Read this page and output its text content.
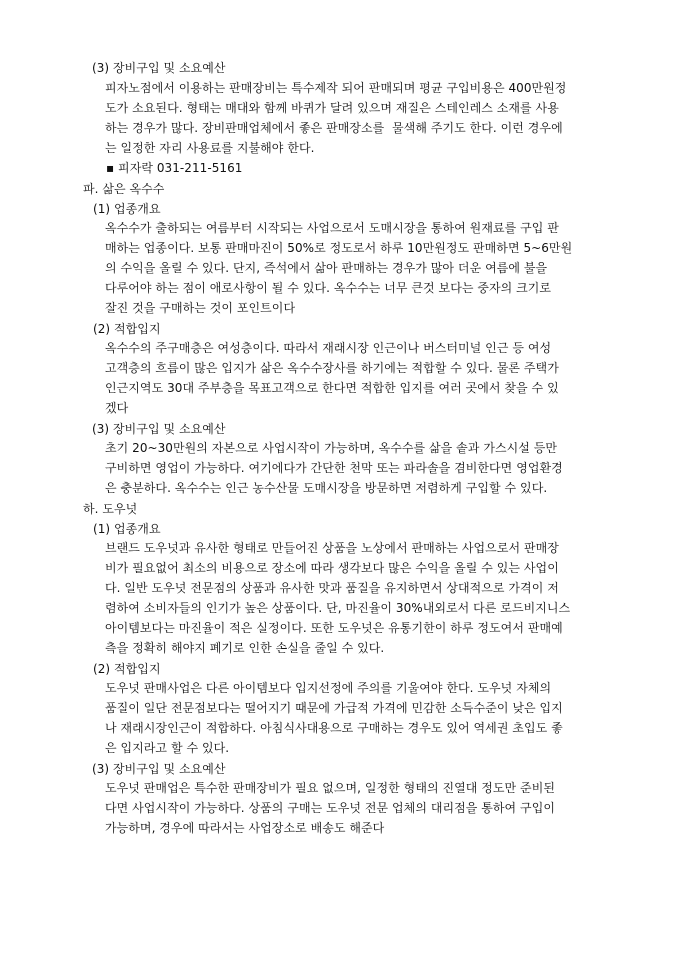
(3) 장비구입 및 소요예산
피자노점에서 이용하는 판매장비는 특수제작 되어 판매되며 평균 구입비용은 400만원정
도가 소요된다. 형태는 매대와 함께 바퀴가 달려 있으며 재질은 스테인레스 소재를 사용
하는 경우가 많다. 장비판매업체에서 좋은 판매장소를  물색해 주기도 한다. 이런 경우에
는 일정한 자리 사용료를 지불해야 한다.
▪ 피자락 031-211-5161
파. 삶은 옥수수
(1) 업종개요
옥수수가 출하되는 여름부터 시작되는 사업으로서 도매시장을 통하여 원재료를 구입 판
매하는 업종이다. 보통 판매마진이 50%로 정도로서 하루 10만원정도 판매하면 5~6만원
의 수익을 올릴 수 있다. 단지, 즉석에서 삶아 판매하는 경우가 많아 더운 여름에 불을
다루어야 하는 점이 애로사항이 될 수 있다. 옥수수는 너무 큰것 보다는 중자의 크기로
잘진 것을 구매하는 것이 포인트이다
(2) 적합입지
옥수수의 주구매층은 여성층이다. 따라서 재래시장 인근이나 버스터미널 인근 등 여성
고객층의 흐름이 많은 입지가 삶은 옥수수장사를 하기에는 적합할 수 있다. 물론 주택가
인근지역도 30대 주부층을 목표고객으로 한다면 적합한 입지를 여러 곳에서 찾을 수 있
겠다
(3) 장비구입 및 소요예산
초기 20~30만원의 자본으로 사업시작이 가능하며, 옥수수를 삶을 솥과 가스시설 등만
구비하면 영업이 가능하다. 여기에다가 간단한 천막 또는 파라솔을 겸비한다면 영업환경
은 충분하다. 옥수수는 인근 농수산물 도매시장을 방문하면 저렴하게 구입할 수 있다.
하. 도우넛
(1) 업종개요
브랜드 도우넛과 유사한 형태로 만들어진 상품을 노상에서 판매하는 사업으로서 판매장
비가 필요없어 최소의 비용으로 장소에 따라 생각보다 많은 수익을 올릴 수 있는 사업이
다. 일반 도우넛 전문점의 상품과 유사한 맛과 품질을 유지하면서 상대적으로 가격이 저
렴하여 소비자들의 인기가 높은 상품이다. 단, 마진율이 30%내외로서 다른 로드비지니스
아이템보다는 마진율이 적은 실정이다. 또한 도우넛은 유통기한이 하루 정도여서 판매예
측을 정확히 해야지 폐기로 인한 손실을 줄일 수 있다.
(2) 적합입지
도우넛 판매사업은 다른 아이템보다 입지선정에 주의를 기울여야 한다. 도우넛 자체의
품질이 일단 전문점보다는 떨어지기 때문에 가급적 가격에 민감한 소득수준이 낮은 입지
나 재래시장인근이 적합하다. 아침식사대용으로 구매하는 경우도 있어 역세권 초입도 좋
은 입지라고 할 수 있다.
(3) 장비구입 및 소요예산
도우넛 판매업은 특수한 판매장비가 필요 없으며, 일정한 형태의 진열대 정도만 준비된
다면 사업시작이 가능하다. 상품의 구매는 도우넛 전문 업체의 대리점을 통하여 구입이
가능하며, 경우에 따라서는 사업장소로 배송도 해준다
